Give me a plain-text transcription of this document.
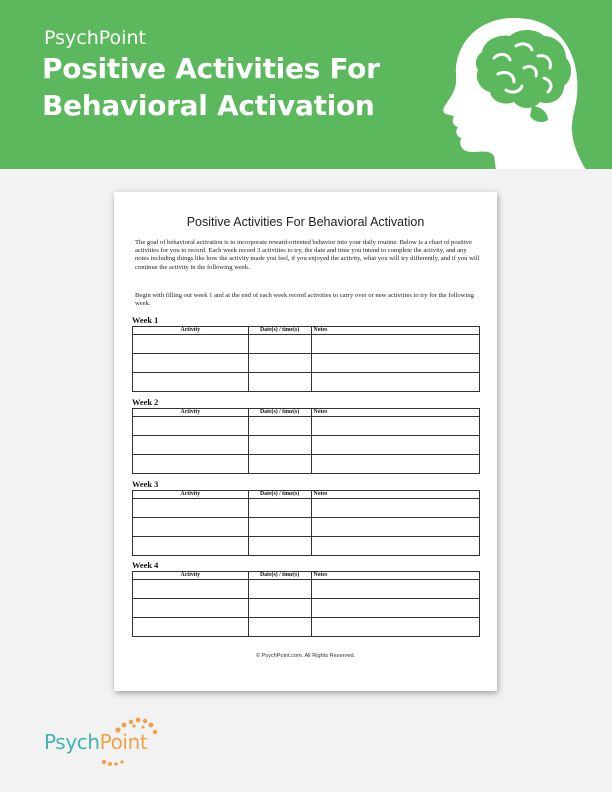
PsychPoint
Positive Activities For
Behavioral Activation
Positive Activities For Behavioral Activation
The goal of behavioral activation is to incorporate reward-oriented behavior into your daily routine. Below is a chart of positive activities for you to record. Each week record 3 activities to try, the date and time you intend to complete the activity, and any notes including things like how the activity made you feel, if you enjoyed the activity, what you will try differently, and if you will continue the activity in the following week.
Begin with filling out week 1 and at the end of each week record activities to carry over or new activities to try for the following week.
Week 1
Activity	Date(s) / time(s)	Notes

Week 2
Activity	Date(s) / time(s)	Notes

Week 3
Activity	Date(s) / time(s)	Notes

Week 4
Activity	Date(s) / time(s)	Notes

© PsychPoint.com. All Rights Reserved.
PsychPoint
